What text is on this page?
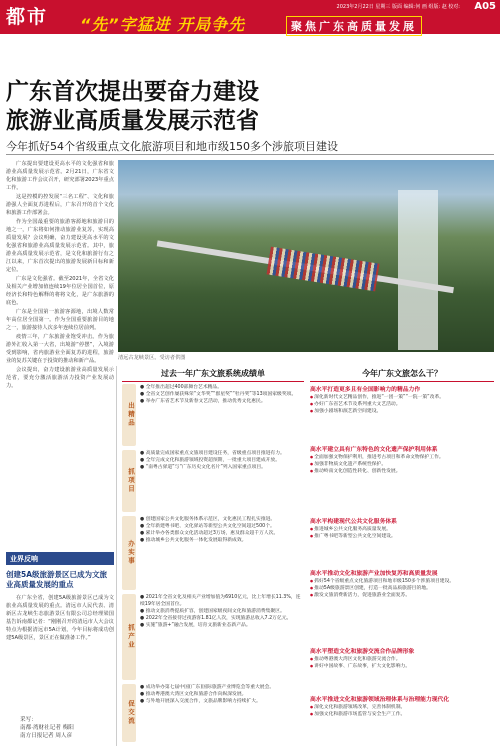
都市	2023年2月22日 星期三 版面 编辑:何 画 组版: 赵 校对: A05
“先”字猛进 开局争先	聚焦广东高质量发展
广东首次提出要奋力建设
旅游业高质量发展示范省
今年抓好54个省级重点文化旅游项目和地市级150多个涉旅项目建设

广东提出要建设更高水平的文化强省和旅游业高质量发展示范省。2月21日，广东省文化和旅游工作会议召开，研究部署2023年重点工作。

这是控模的控发展“三名工程”、文化和旅游强人全面复苏进程后，广东召开的首个文化和旅游工作部署会。

作为全国最重要的旅游客源地和旅游目的地之一，广东将如何推动旅游业复苏，实现高质量发展？会议明确，奋力建设更高水平的文化强省和旅游业高质量发展示范省。其中，旅游业高质量发展示范省，是文化和旅游行有之江以来，广东首次提出的旅游发展新目标和新定位。

广东是文化强省。截至2021年，全省文化及相关产业增加值连续19年位居全国首位，原经济长和特色解释的将将文化，是广东旅游的底色。

广东是全国第一旅游客源地，出境人数常年高位居全国第一。作为全国重要旅游目的地之一，旅游接待人次多年连续位居前列。

疫情三年，广东旅游业饱受冲击。作为旅游外汇收入第一大省，出境游“停摆”，入境游受到影响，省内旅游业全面复苏的进程，旅游业的复苏关键在于投资的推动和新产品。

会议提出，奋力建设旅游业高质量发展示范省，要充分激活旅游活力投资产业发展动力。

清远古龙峡景区。受访者供图
业界反响
创建5A级旅游景区已成为文旅业高质量发展的重点

在广东全省，创建5A级旅游景区已成为文旅业高质量发展的重点。清远市人民代表、清新区古龙峡生态旅游景区有限公司总经理梁国基告诉南都记者：“刚刚召开的清远市人大会议特点为根据清远市5A计划，今年目标将成功创建5A级景区，景区正在做准备工作。”

采写：
南都·湾财社记者 梅阳
南方日报记者 周人彦
过去一年广东文旅系统成绩单
出精品
● 全年推出超过400部舞台艺术精品。
● 全省文艺创作屡获殊荣“文华奖”“群星奖”“牡丹奖”等13项国家级奖项。
● 举办广东省艺术节及新春文艺活动，推动优秀文化惠民。
抓项目
● 高质量完成国家重点文旅项目建设任务，省级重点项目推进有力。
● 全年完成文化和旅游领域投资超预期，一批重大项目建成开放。
● “南粤古驿道”与“广东历史文化名片”列入国家重点项目。
办实事
● 创建国家公共文化服务体系示范区，文化惠民工程扎实推进。
● 全年新建粤书吧、文化驿站等新型公共文化空间超过500个。
● 累计举办各类群众文化活动超过3万场，惠及群众超千万人次。
● 推动城乡公共文化服务一体化发展取得新成效。
抓产业
● 2021年全省文化及相关产业增加值为6910亿元，比上年增长11.3%，连续19年居全国首位。
● 推动文旅消费提质扩容，创建国家级夜间文化和旅游消费集聚区。
● 2022年全省接待过夜游客1.81亿人次，实现旅游总收入7.2万亿元。
● 实施“旅游+”融合发展，培育文旅新业态新产品。
促交流
● 成功举办第七届中国(广东)国际旅游产业博览会等重大展会。
● 推动粤港澳大湾区文化和旅游合作向纵深发展。
● 与外地开展深入交流合作，文旅品牌影响力持续扩大。
今年广东文旅怎么干？
高水平打造更多且有全国影响力的精品力作
● 深化新时代文艺精品创作，推进“一团一策”“一院一策”改革。
● 办好广东省艺术节及系列重大文艺活动。
● 加强小剧场和演艺新空间建设。
高水平建立具有广东特色的文化遗产保护利用体系
● 全面加强文物保护利用，推进考古项目和革命文物保护工作。
● 加强非物质文化遗产系统性保护。
● 推动岭南文化创造性转化、创新性发展。
高水平构建现代公共文化服务体系
● 推进城乡公共文化服务高质量发展。
● 推广粤书吧等新型公共文化空间建设。
高水平推动文化和旅游产业加快复苏和高质量发展
● 抓好54个省级重点文化旅游项目和地市级150多个涉旅项目建设。
● 推动5A级旅游景区创建，打造一批高品质旅游目的地。
● 激发文旅消费新活力，促进旅游业全面复苏。
高水平塑造文化和旅游交流合作品牌形象
● 推动粤港澳大湾区文化和旅游交流合作。
● 讲好中国故事、广东故事，扩大文化影响力。
高水平推进文化和旅游领域治理体系与治理能力现代化
● 深化文化和旅游领域改革，完善体制机制。
● 加强文化和旅游市场监管与安全生产工作。
